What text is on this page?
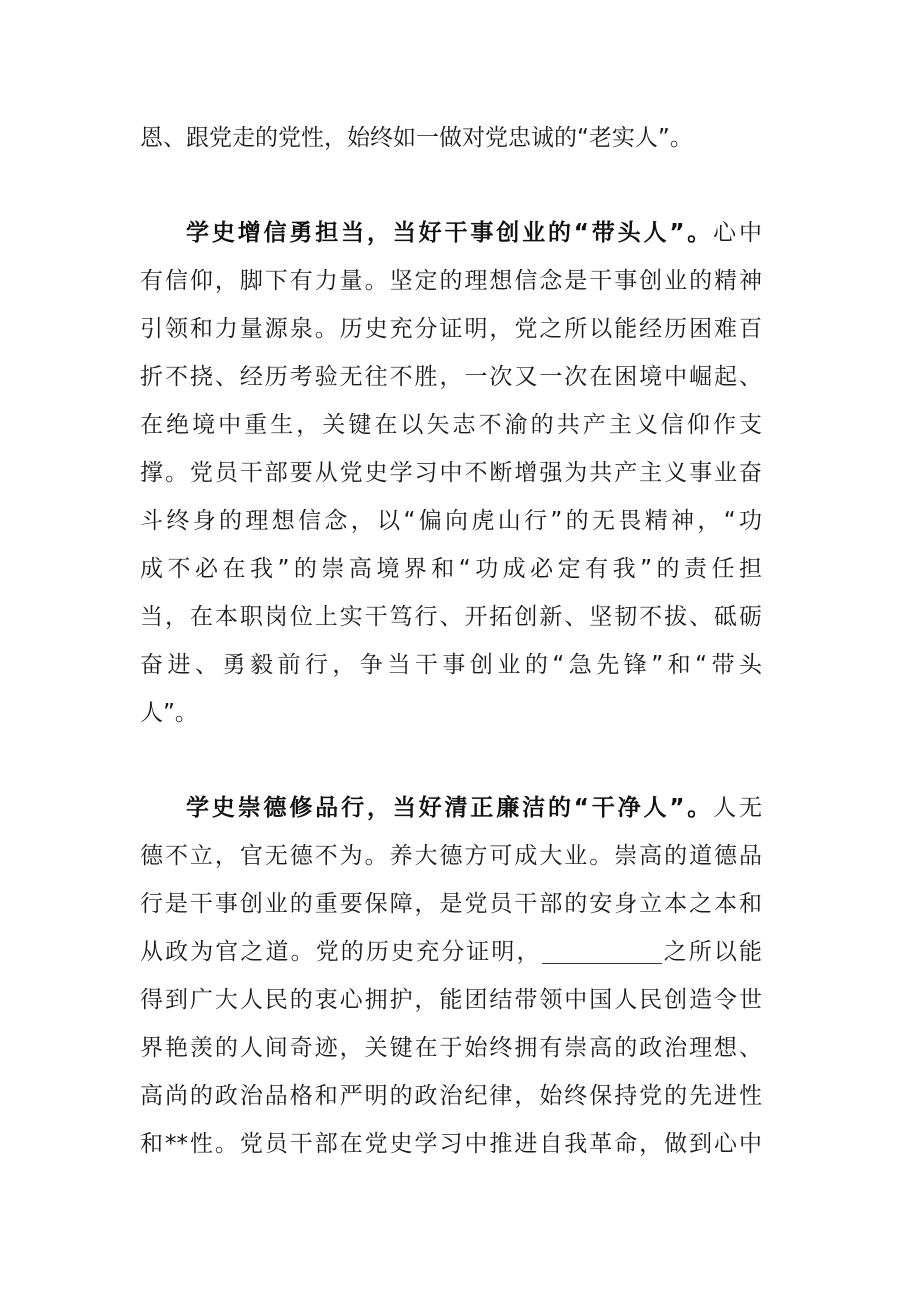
恩、跟党走的党性，始终如一做对党忠诚的“老实人”。
学史增信勇担当，当好干事创业的“带头人”。心中
有信仰，脚下有力量。坚定的理想信念是干事创业的精神
引领和力量源泉。历史充分证明，党之所以能经历困难百
折不挠、经历考验无往不胜，一次又一次在困境中崛起、
在绝境中重生，关键在以矢志不渝的共产主义信仰作支
撑。党员干部要从党史学习中不断增强为共产主义事业奋
斗终身的理想信念，以“偏向虎山行”的无畏精神，“功
成不必在我”的崇高境界和“功成必定有我”的责任担
当，在本职岗位上实干笃行、开拓创新、坚韧不拔、砥砺
奋进、勇毅前行，争当干事创业的“急先锋”和“带头
人”。
学史崇德修品行，当好清正廉洁的“干净人”。人无
德不立，官无德不为。养大德方可成大业。崇高的道德品
行是干事创业的重要保障，是党员干部的安身立本之本和
从政为官之道。党的历史充分证明，	之所以能
得到广大人民的衷心拥护，能团结带领中国人民创造令世
界艳羡的人间奇迹，关键在于始终拥有崇高的政治理想、
高尚的政治品格和严明的政治纪律，始终保持党的先进性
和**性。党员干部在党史学习中推进自我革命，做到心中
